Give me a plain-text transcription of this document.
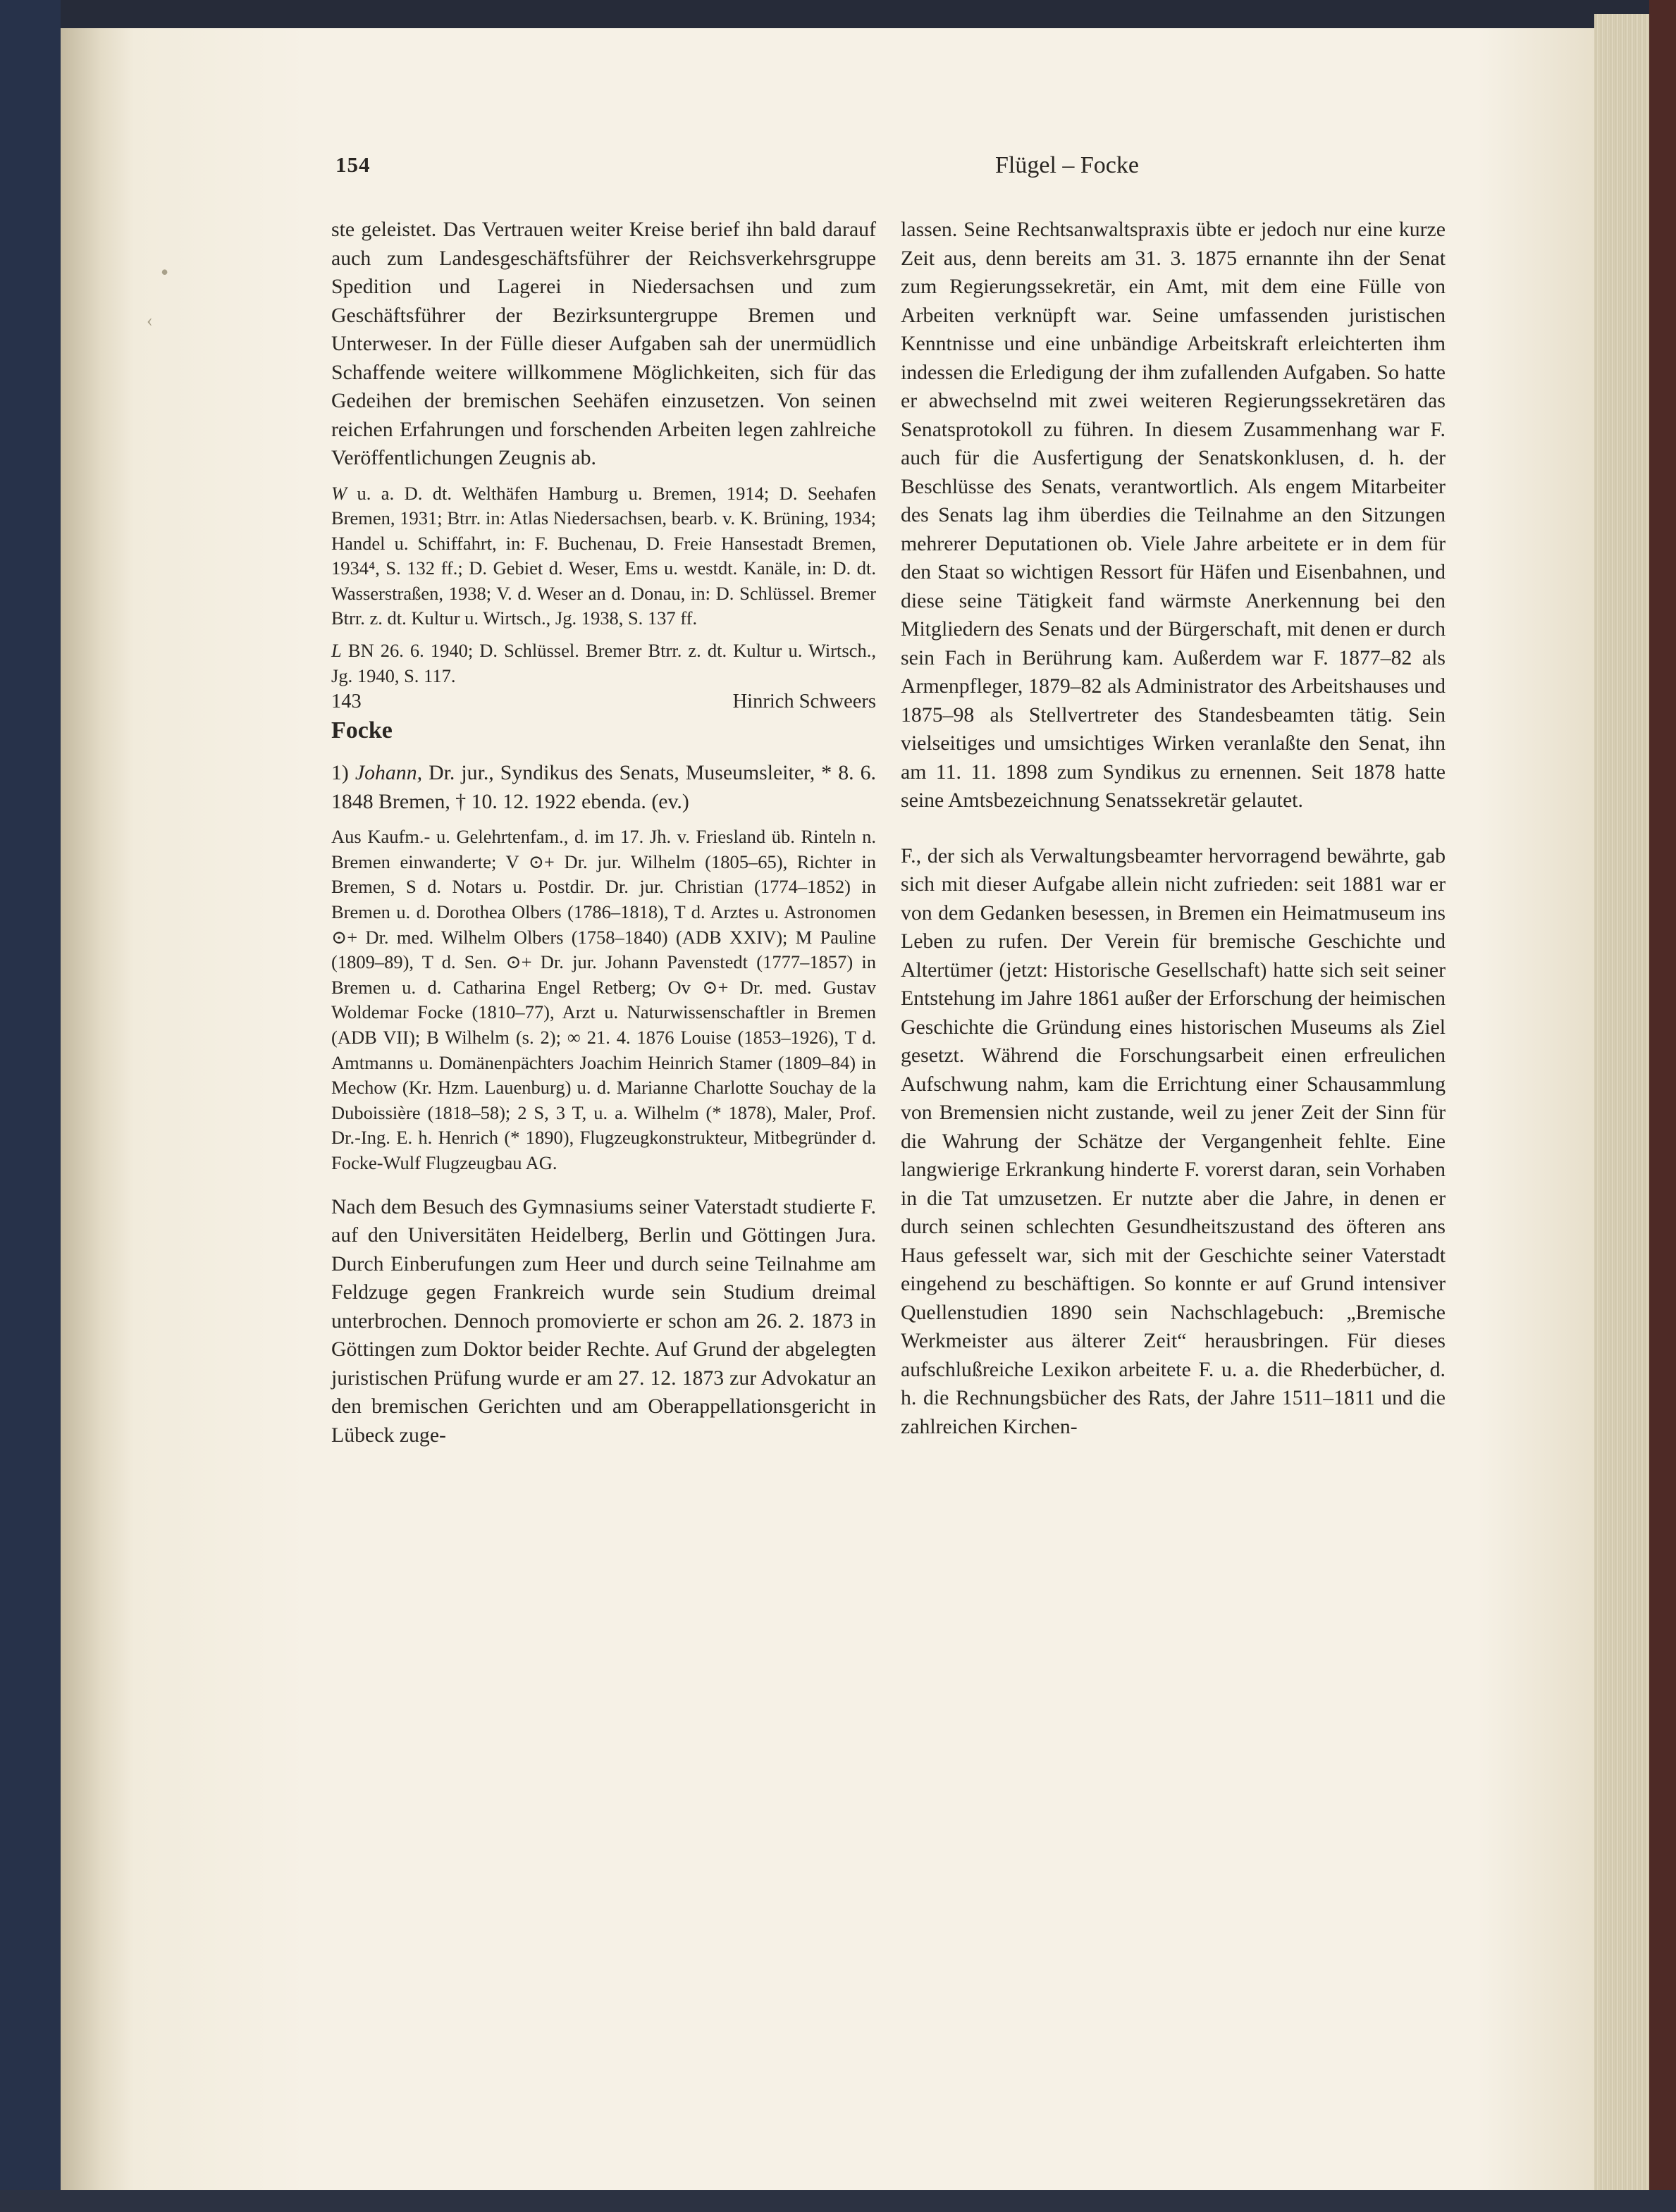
•
‹
154	Flügel – Focke

ste geleistet. Das Vertrauen weiter Kreise berief ihn bald darauf auch zum Landesgeschäftsführer der Reichsverkehrsgruppe Spedition und Lagerei in Niedersachsen und zum Geschäftsführer der Bezirksuntergruppe Bremen und Unterweser. In der Fülle dieser Aufgaben sah der unermüdlich Schaffende weitere willkommene Möglichkeiten, sich für das Gedeihen der bremischen Seehäfen einzusetzen. Von seinen reichen Erfahrungen und forschenden Arbeiten legen zahlreiche Veröffentlichungen Zeugnis ab.

W u. a. D. dt. Welthäfen Hamburg u. Bremen, 1914; D. Seehafen Bremen, 1931; Btrr. in: Atlas Niedersachsen, bearb. v. K. Brüning, 1934; Handel u. Schiffahrt, in: F. Buchenau, D. Freie Hansestadt Bremen, 1934⁴, S. 132 ff.; D. Gebiet d. Weser, Ems u. westdt. Kanäle, in: D. dt. Wasserstraßen, 1938; V. d. Weser an d. Donau, in: D. Schlüssel. Bremer Btrr. z. dt. Kultur u. Wirtsch., Jg. 1938, S. 137 ff.

L BN 26. 6. 1940; D. Schlüssel. Bremer Btrr. z. dt. Kultur u. Wirtsch., Jg. 1940, S. 117.

143	Hinrich Schweers
Focke

1) Johann, Dr. jur., Syndikus des Senats, Museumsleiter, * 8. 6. 1848 Bremen, † 10. 12. 1922 ebenda. (ev.)

Aus Kaufm.- u. Gelehrtenfam., d. im 17. Jh. v. Friesland üb. Rinteln n. Bremen einwanderte; V ⊙+ Dr. jur. Wilhelm (1805–65), Richter in Bremen, S d. Notars u. Postdir. Dr. jur. Christian (1774–1852) in Bremen u. d. Dorothea Olbers (1786–1818), T d. Arztes u. Astronomen ⊙+ Dr. med. Wilhelm Olbers (1758–1840) (ADB XXIV); M Pauline (1809–89), T d. Sen. ⊙+ Dr. jur. Johann Pavenstedt (1777–1857) in Bremen u. d. Catharina Engel Retberg; Ov ⊙+ Dr. med. Gustav Woldemar Focke (1810–77), Arzt u. Naturwissenschaftler in Bremen (ADB VII); B Wilhelm (s. 2); ∞ 21. 4. 1876 Louise (1853–1926), T d. Amtmanns u. Domänenpächters Joachim Heinrich Stamer (1809–84) in Mechow (Kr. Hzm. Lauenburg) u. d. Marianne Charlotte Souchay de la Duboissière (1818–58); 2 S, 3 T, u. a. Wilhelm (* 1878), Maler, Prof. Dr.-Ing. E. h. Henrich (* 1890), Flugzeugkonstrukteur, Mitbegründer d. Focke-Wulf Flugzeugbau AG.

Nach dem Besuch des Gymnasiums seiner Vaterstadt studierte F. auf den Universitäten Heidelberg, Berlin und Göttingen Jura. Durch Einberufungen zum Heer und durch seine Teilnahme am Feldzuge gegen Frankreich wurde sein Studium dreimal unterbrochen. Dennoch promovierte er schon am 26. 2. 1873 in Göttingen zum Doktor beider Rechte. Auf Grund der abgelegten juristischen Prüfung wurde er am 27. 12. 1873 zur Advokatur an den bremischen Gerichten und am Oberappellationsgericht in Lübeck zuge-

lassen. Seine Rechtsanwaltspraxis übte er jedoch nur eine kurze Zeit aus, denn bereits am 31. 3. 1875 ernannte ihn der Senat zum Regierungssekretär, ein Amt, mit dem eine Fülle von Arbeiten verknüpft war. Seine umfassenden juristischen Kenntnisse und eine unbändige Arbeitskraft erleichterten ihm indessen die Erledigung der ihm zufallenden Aufgaben. So hatte er abwechselnd mit zwei weiteren Regierungssekretären das Senatsprotokoll zu führen. In diesem Zusammenhang war F. auch für die Ausfertigung der Senatskonklusen, d. h. der Beschlüsse des Senats, verantwortlich. Als engem Mitarbeiter des Senats lag ihm überdies die Teilnahme an den Sitzungen mehrerer Deputationen ob. Viele Jahre arbeitete er in dem für den Staat so wichtigen Ressort für Häfen und Eisenbahnen, und diese seine Tätigkeit fand wärmste Anerkennung bei den Mitgliedern des Senats und der Bürgerschaft, mit denen er durch sein Fach in Berührung kam. Außerdem war F. 1877–82 als Armenpfleger, 1879–82 als Administrator des Arbeitshauses und 1875–98 als Stellvertreter des Standesbeamten tätig. Sein vielseitiges und umsichtiges Wirken veranlaßte den Senat, ihn am 11. 11. 1898 zum Syndikus zu ernennen. Seit 1878 hatte seine Amtsbezeichnung Senatssekretär gelautet.

F., der sich als Verwaltungsbeamter hervorragend bewährte, gab sich mit dieser Aufgabe allein nicht zufrieden: seit 1881 war er von dem Gedanken besessen, in Bremen ein Heimatmuseum ins Leben zu rufen. Der Verein für bremische Geschichte und Altertümer (jetzt: Historische Gesellschaft) hatte sich seit seiner Entstehung im Jahre 1861 außer der Erforschung der heimischen Geschichte die Gründung eines historischen Museums als Ziel gesetzt. Während die Forschungsarbeit einen erfreulichen Aufschwung nahm, kam die Errichtung einer Schausammlung von Bremensien nicht zustande, weil zu jener Zeit der Sinn für die Wahrung der Schätze der Vergangenheit fehlte. Eine langwierige Erkrankung hinderte F. vorerst daran, sein Vorhaben in die Tat umzusetzen. Er nutzte aber die Jahre, in denen er durch seinen schlechten Gesundheitszustand des öfteren ans Haus gefesselt war, sich mit der Geschichte seiner Vaterstadt eingehend zu beschäftigen. So konnte er auf Grund intensiver Quellenstudien 1890 sein Nachschlagebuch: „Bremische Werkmeister aus älterer Zeit“ herausbringen. Für dieses aufschlußreiche Lexikon arbeitete F. u. a. die Rhederbücher, d. h. die Rechnungsbücher des Rats, der Jahre 1511–1811 und die zahlreichen Kirchen-
